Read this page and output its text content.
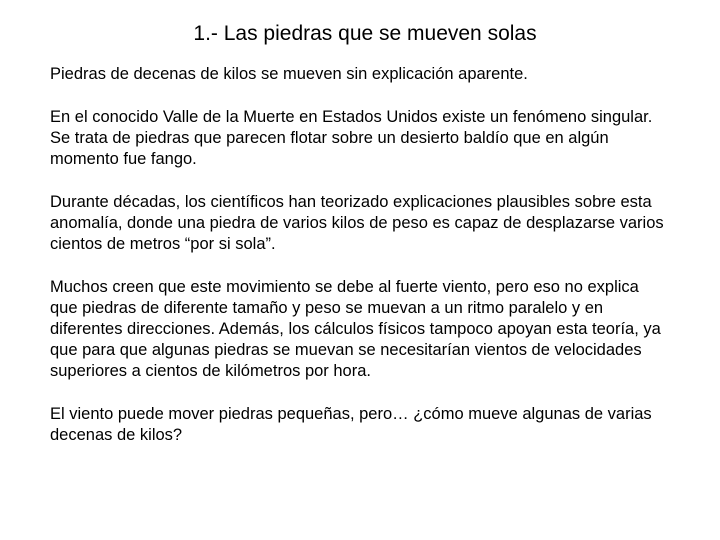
1.- Las piedras que se mueven solas

Piedras de decenas de kilos se mueven sin explicación aparente.

En el conocido Valle de la Muerte en Estados Unidos existe un fenómeno singular. Se trata de piedras que parecen flotar sobre un desierto baldío que en algún momento fue fango.

Durante décadas, los científicos han teorizado explicaciones plausibles sobre esta anomalía, donde una piedra de varios kilos de peso es capaz de desplazarse varios cientos de metros “por si sola”.

Muchos creen que este movimiento se debe al fuerte viento, pero eso no explica que piedras de diferente tamaño y peso se muevan a un ritmo paralelo y en diferentes direcciones. Además, los cálculos físicos tampoco apoyan esta teoría, ya que para que algunas piedras se muevan se necesitarían vientos de velocidades superiores a cientos de kilómetros por hora.

El viento puede mover piedras pequeñas, pero… ¿cómo mueve algunas de varias decenas de kilos?
